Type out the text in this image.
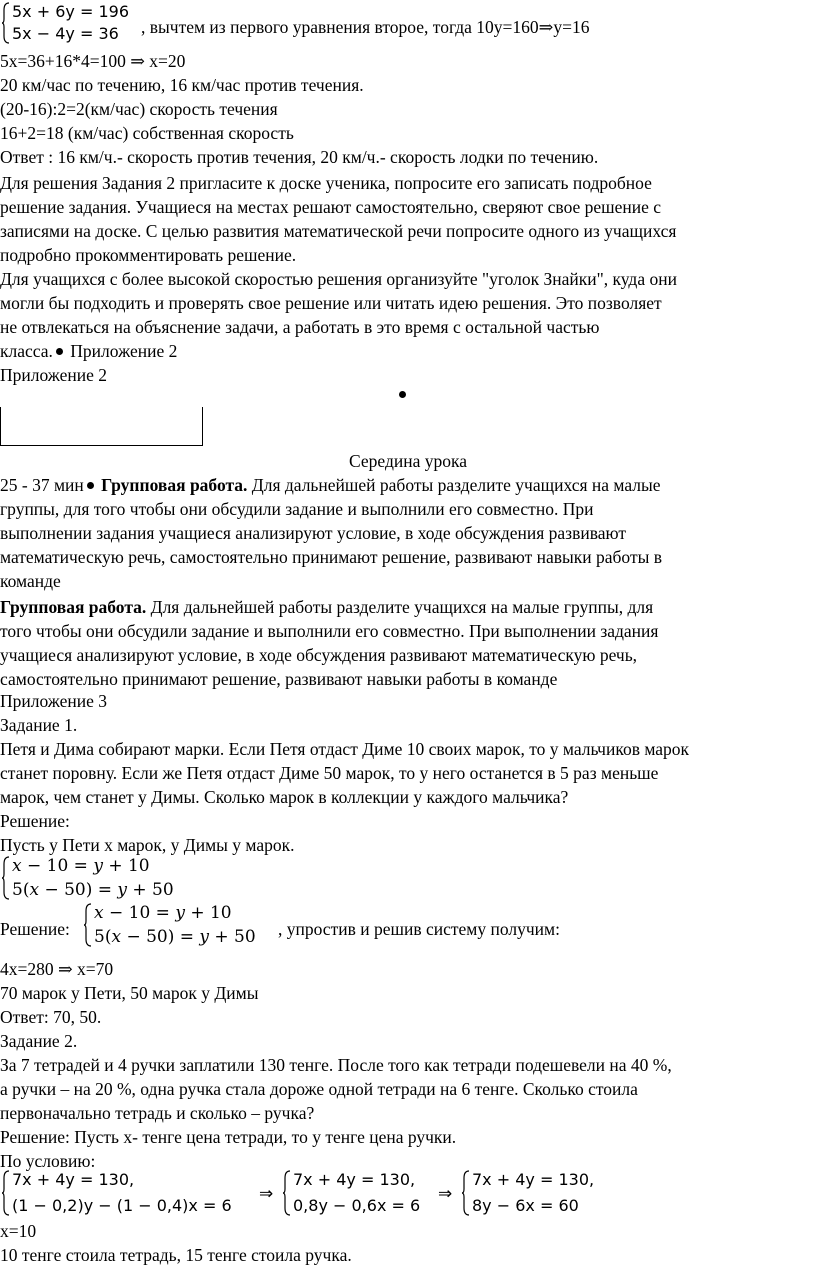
5x + 6y = 196
5x − 4y = 36 , вычтем из первого уравнения второе, тогда 10у=160⇒у=16
5х=36+16*4=100 ⇒ х=20
20 км/час по течению, 16 км/час против течения.
(20-16):2=2(км/час) скорость течения
16+2=18 (км/час) собственная скорость
Ответ : 16 км/ч.- скорость против течения, 20 км/ч.- скорость лодки по течению.
Для решения Задания 2 пригласите к доске ученика, попросите его записать подробное
решение задания. Учащиеся на местах решают самостоятельно, сверяют свое решение с
записями на доске. С целью развития математической речи попросите одного из учащихся
подробно прокомментировать решение.
Для учащихся с более высокой скоростью решения организуйте "уголок Знайки", куда они
могли бы подходить и проверять свое решение или читать идею решения. Это позволяет
не отвлекаться на объяснение задачи, а работать в это время с остальной частью
класса. Приложение 2
Приложение 2
Середина урока
25 - 37 мин Групповая работа. Для дальнейшей работы разделите учащихся на малые
группы, для того чтобы они обсудили задание и выполнили его совместно. При
выполнении задания учащиеся анализируют условие, в ходе обсуждения развивают
математическую речь, самостоятельно принимают решение, развивают навыки работы в
команде
Групповая работа. Для дальнейшей работы разделите учащихся на малые группы, для
того чтобы они обсудили задание и выполнили его совместно. При выполнении задания
учащиеся анализируют условие, в ходе обсуждения развивают математическую речь,
самостоятельно принимают решение, развивают навыки работы в команде
Приложение 3
Задание 1.
Петя и Дима собирают марки. Если Петя отдаст Диме 10 своих марок, то у мальчиков марок
станет поровну. Если же Петя отдаст Диме 50 марок, то у него останется в 5 раз меньше
марок, чем станет у Димы. Сколько марок в коллекции у каждого мальчика?
Решение:
Пусть у Пети х марок, у Димы у марок.
𝑥 − 10 = 𝑦 + 10
5(𝑥 − 50) = 𝑦 + 50
Решение:
𝑥 − 10 = 𝑦 + 10
5(𝑥 − 50) = 𝑦 + 50 , упростив и решив систему получим:
4х=280 ⇒ х=70
70 марок у Пети, 50 марок у Димы
Ответ: 70, 50.
Задание 2.
За 7 тетрадей и 4 ручки заплатили 130 тенге. После того как тетради подешевели на 40 %,
а ручки – на 20 %, одна ручка стала дороже одной тетради на 6 тенге. Сколько стоила
первоначально тетрадь и сколько – ручка?
Решение: Пусть х- тенге цена тетради, то у тенге цена ручки.
По условию:
7x + 4y = 130,
(1 − 0,2)y − (1 − 0,4)x = 6
⇒
7x + 4y = 130,
0,8y − 0,6x = 6
⇒
7x + 4y = 130,
8y − 6x = 60
х=10
10 тенге стоила тетрадь, 15 тенге стоила ручка.
